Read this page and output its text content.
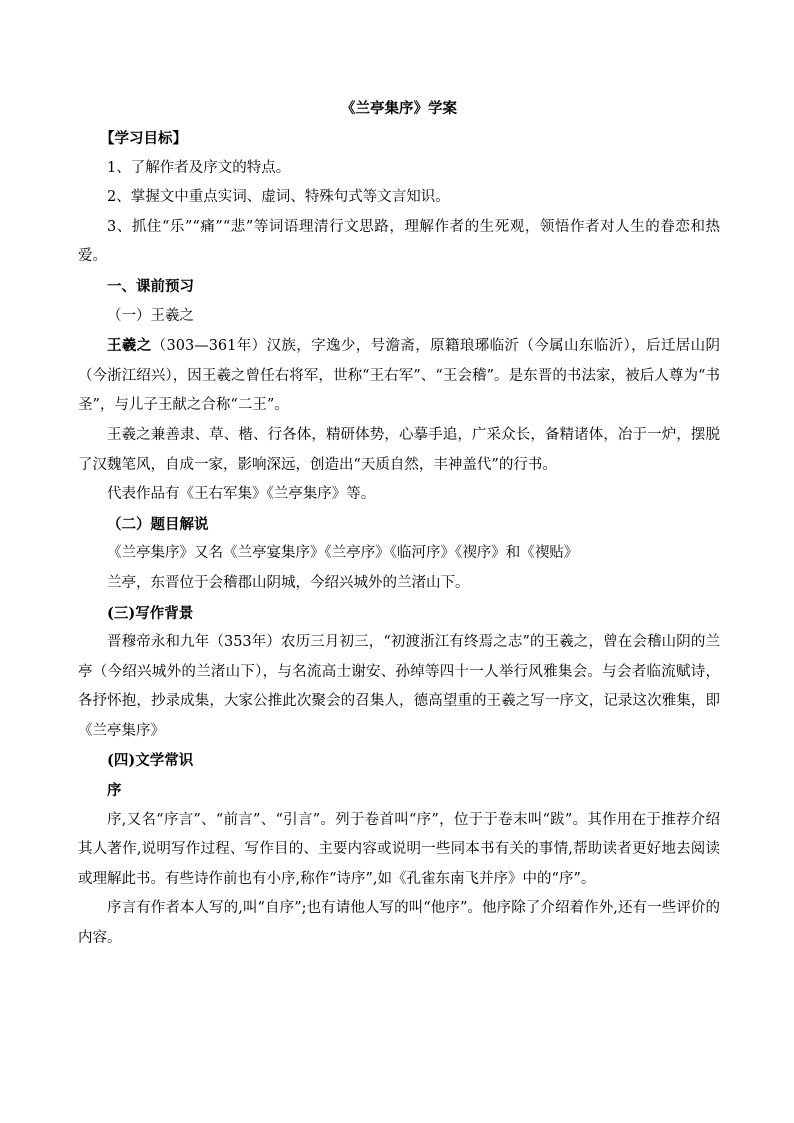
《兰亭集序》学案

【学习目标】

1、了解作者及序文的特点。

2、掌握文中重点实词、虚词、特殊句式等文言知识。

3、抓住“乐”“痛”“悲”等词语理清行文思路，理解作者的生死观，领悟作者对人生的眷恋和热爱。

一、课前预习

（一）王羲之

王羲之（303—361年）汉族，字逸少，号澹斋，原籍琅琊临沂（今属山东临沂），后迁居山阴（今浙江绍兴），因王羲之曾任右将军，世称“王右军”、“王会稽”。是东晋的书法家，被后人尊为“书圣”，与儿子王献之合称“二王”。

王羲之兼善隶、草、楷、行各体，精研体势，心摹手追，广采众长，备精诸体，冶于一炉，摆脱了汉魏笔风，自成一家，影响深远，创造出“天质自然，丰神盖代”的行书。

代表作品有《王右军集》《兰亭集序》等。

（二）题目解说

《兰亭集序》又名《兰亭宴集序》《兰亭序》《临河序》《禊序》和《禊贴》

兰亭，东晋位于会稽郡山阴城，今绍兴城外的兰渚山下。

(三)写作背景

晋穆帝永和九年（353年）农历三月初三，“初渡浙江有终焉之志”的王羲之，曾在会稽山阴的兰亭（今绍兴城外的兰渚山下），与名流高士谢安、孙绰等四十一人举行风雅集会。与会者临流赋诗，各抒怀抱，抄录成集，大家公推此次聚会的召集人，德高望重的王羲之写一序文，记录这次雅集，即《兰亭集序》

(四)文学常识

序

序,又名“序言”、“前言”、“引言”。列于卷首叫“序”，位于于卷末叫“跋”。其作用在于推荐介绍其人著作,说明写作过程、写作目的、主要内容或说明一些同本书有关的事情,帮助读者更好地去阅读或理解此书。有些诗作前也有小序,称作“诗序”,如《孔雀东南飞并序》中的“序”。

序言有作者本人写的,叫“自序”;也有请他人写的叫“他序”。他序除了介绍着作外,还有一些评价的内容。
